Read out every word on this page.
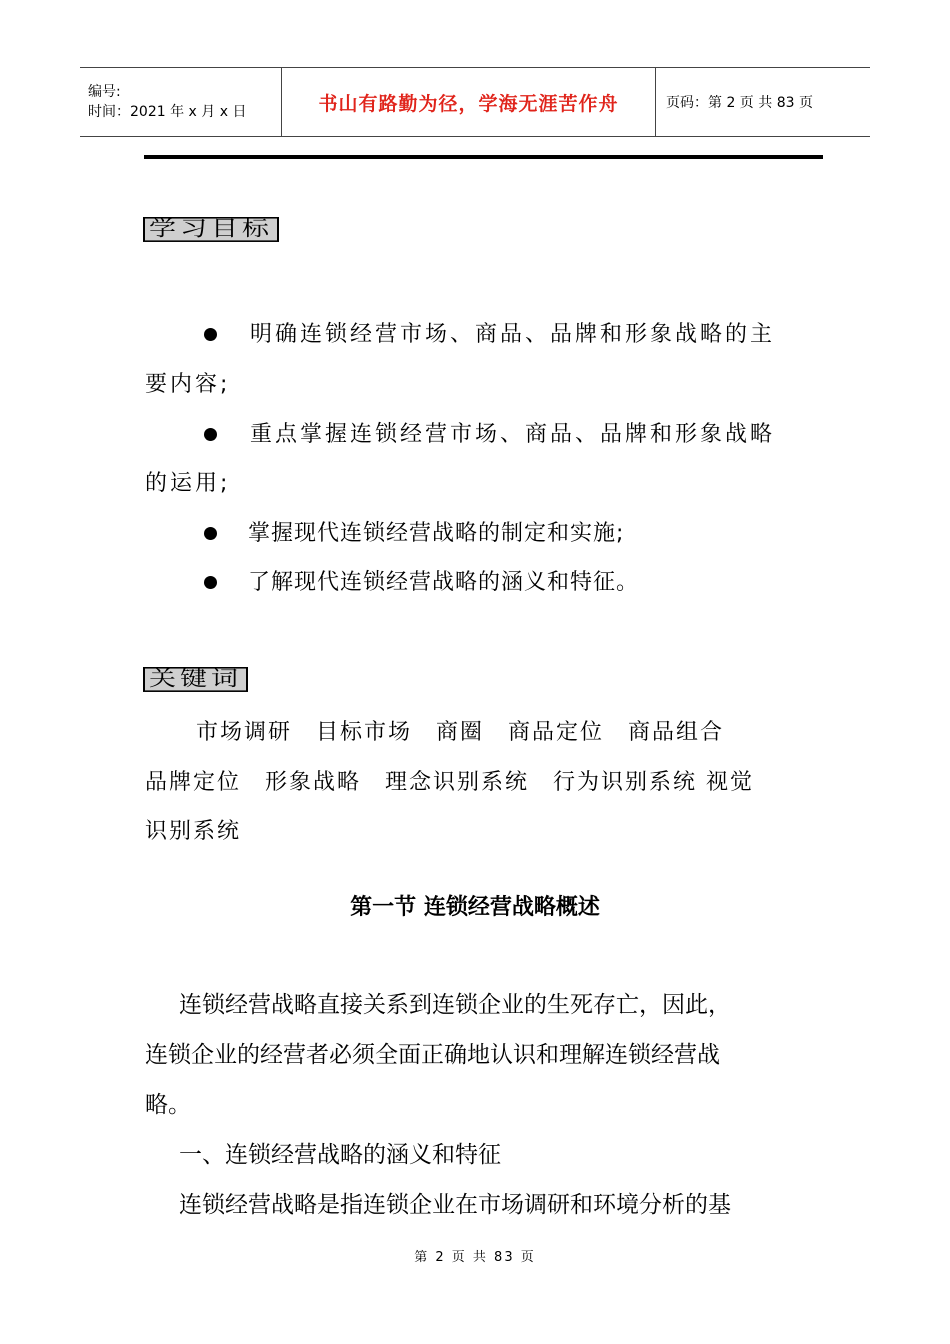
编号:
时间：2021 年 x 月 x 日	书山有路勤为径，学海无涯苦作舟	页码：第 2 页 共 83 页
学习目标
明确连锁经营市场、商品、品牌和形象战略的主
要内容;
重点掌握连锁经营市场、商品、品牌和形象战略
的运用;
掌握现代连锁经营战略的制定和实施;
了解现代连锁经营战略的涵义和特征。
关键词
市场调研　目标市场　商圈　商品定位　商品组合
品牌定位　形象战略　理念识别系统　行为识别系统 视觉
识别系统
第一节 连锁经营战略概述
连锁经营战略直接关系到连锁企业的生死存亡，因此，
连锁企业的经营者必须全面正确地认识和理解连锁经营战
略。
一、连锁经营战略的涵义和特征
连锁经营战略是指连锁企业在市场调研和环境分析的基
第 2 页 共 83 页
